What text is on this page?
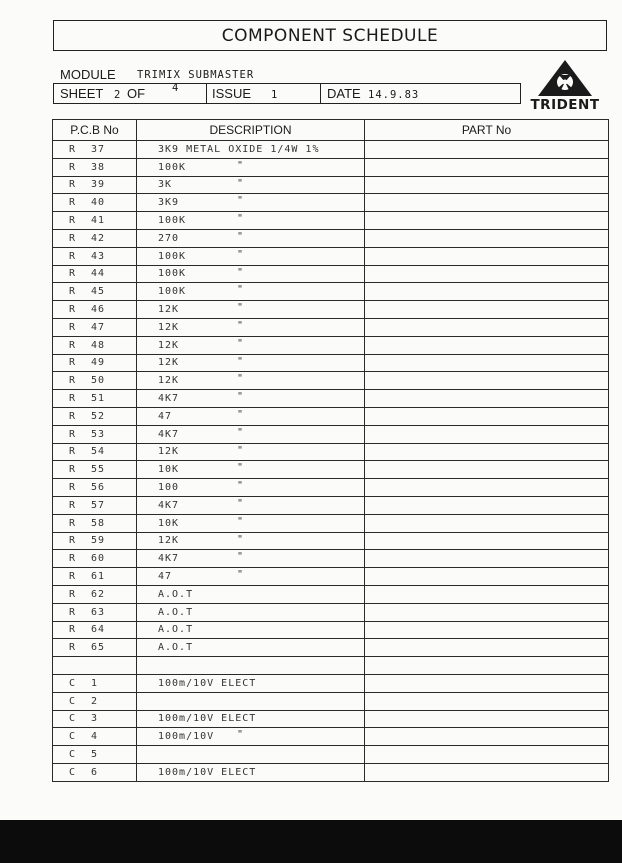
COMPONENT SCHEDULE
MODULE TRIMIX SUBMASTER
SHEET 2 OF	4	ISSUE 1	DATE 14.9.83
TRIDENT
P.C.B No	DESCRIPTION	PART No
R 37	3K9 METAL OXIDE 1/4W 1%

R 38	100K "	

R 39	3K "	

R 40	3K9 "	

R 41	100K "	

R 42	270 "	

R 43	100K "	

R 44	100K "	

R 45	100K "	

R 46	12K "	

R 47	12K "	

R 48	12K "	

R 49	12K "	

R 50	12K "	

R 51	4K7 "	

R 52	47 "	

R 53	4K7 "	

R 54	12K "	

R 55	10K "	

R 56	100 "	

R 57	4K7 "	

R 58	10K "	

R 59	12K "	

R 60	4K7 "	

R 61	47 "	

R 62	A.O.T

R 63	A.O.T

R 64	A.O.T

R 65	A.O.T

C 1	100m/10V ELECT

C 2	

C 3	100m/10V ELECT

C 4	100m/10V "	

C 5	

C 6	100m/10V ELECT
